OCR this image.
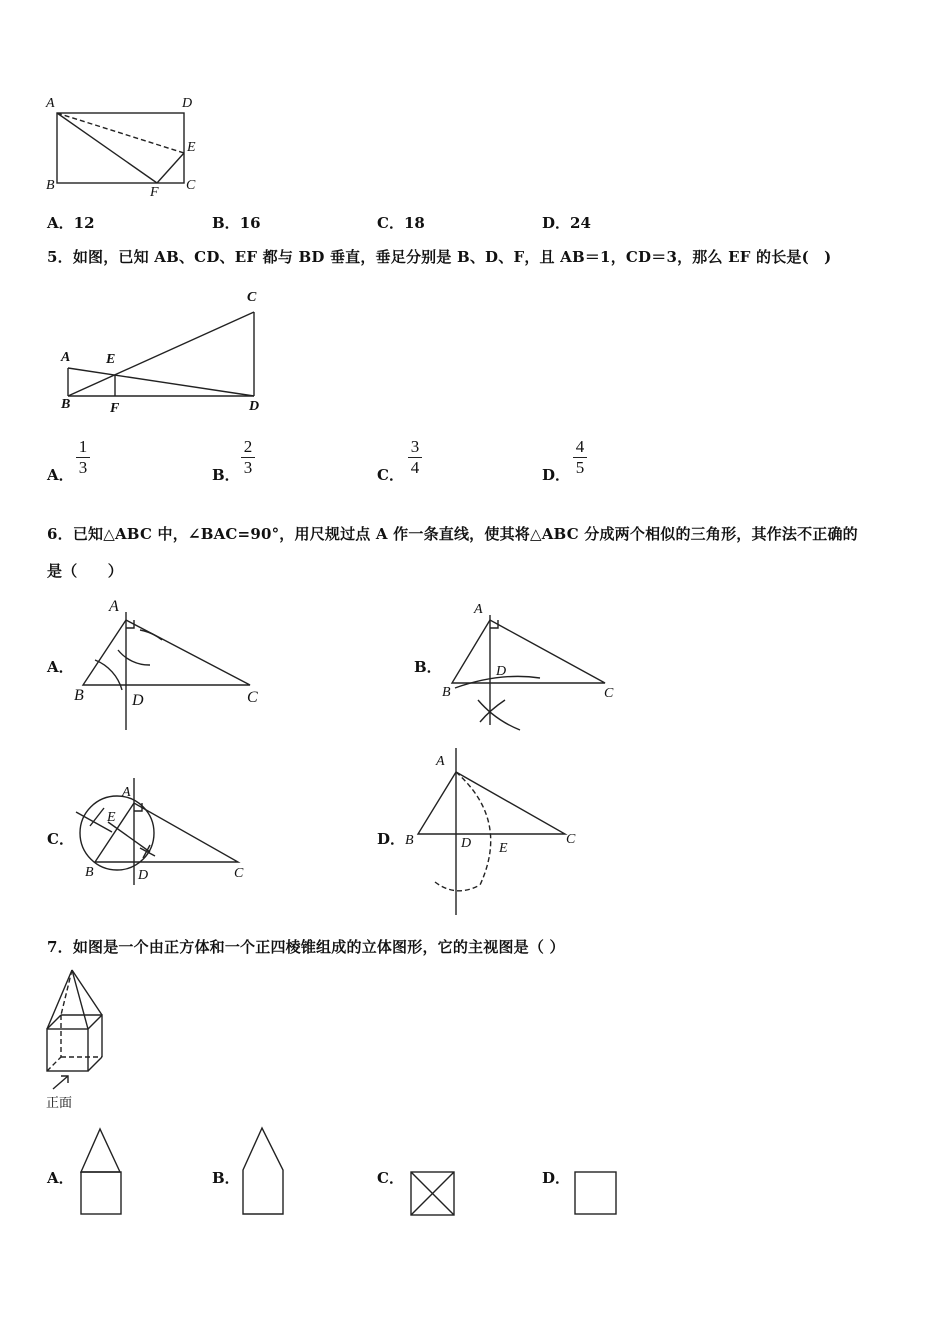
A	D
E
B	F C
A．12	B．16	C．18	D．24
5．如图，已知 AB、CD、EF 都与 BD 垂直，垂足分别是 B、D、F，且 AB＝1，CD＝3，那么 EF 的长是(　)
C
A	E
B	F	D
A．
1
3	B．
2
3	C．
3
4	D．
4
5
6．已知△ABC 中，∠BAC=90°，用尺规过点 A 作一条直线，使其将△ABC 分成两个相似的三角形，其作法不正确的
是（　　）
A．	B．
C．	D．
A
B	D	C
A
B
D
C
A
E
B	D	C
A
B	D E
C
7．如图是一个由正方体和一个正四棱锥组成的立体图形，它的主视图是（ ）
正面
A．	B．	C．	D．
